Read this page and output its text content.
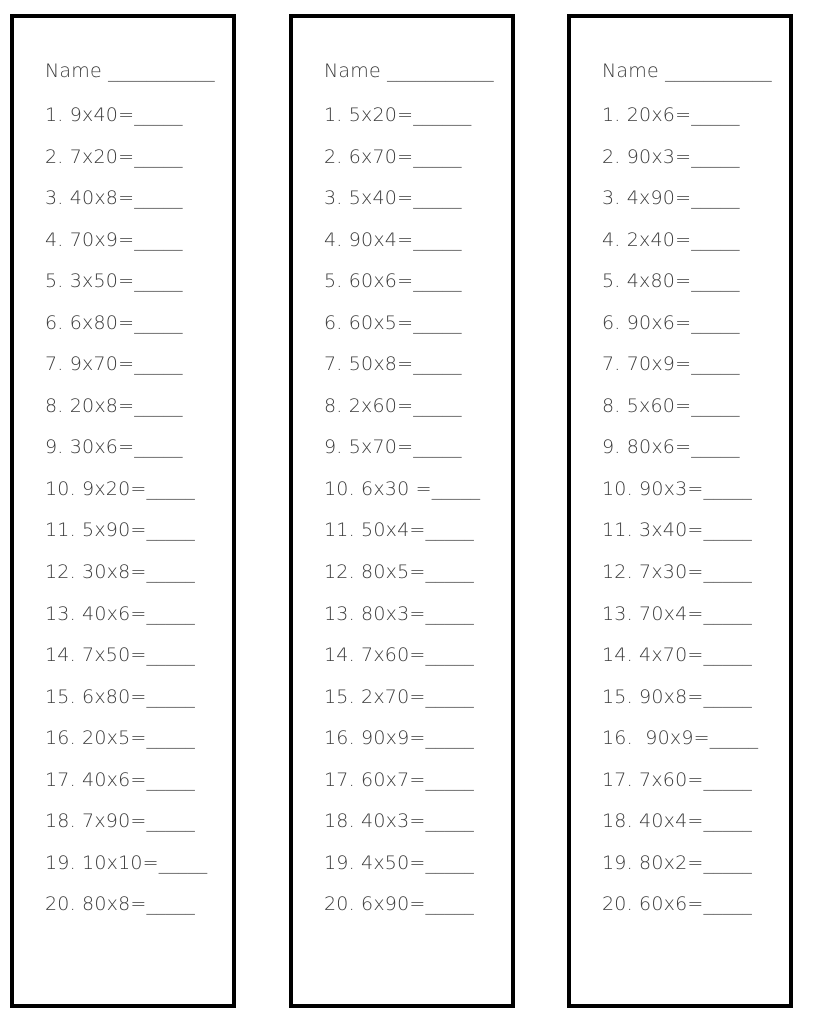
Name ___________
1. 9x40=_____
2. 7x20=_____
3. 40x8=_____
4. 70x9=_____
5. 3x50=_____
6. 6x80=_____
7. 9x70=_____
8. 20x8=_____
9. 30x6=_____
10. 9x20=_____
11. 5x90=_____
12. 30x8=_____
13. 40x6=_____
14. 7x50=_____
15. 6x80=_____
16. 20x5=_____
17. 40x6=_____
18. 7x90=_____
19. 10x10=_____
20. 80x8=_____
Name ___________
1. 5x20=______
2. 6x70=_____
3. 5x40=_____
4. 90x4=_____
5. 60x6=_____
6. 60x5=_____
7. 50x8=_____
8. 2x60=_____
9. 5x70=_____
10. 6x30 =_____
11. 50x4=_____
12. 80x5=_____
13. 80x3=_____
14. 7x60=_____
15. 2x70=_____
16. 90x9=_____
17. 60x7=_____
18. 40x3=_____
19. 4x50=_____
20. 6x90=_____
Name ___________
1. 20x6=_____
2. 90x3=_____
3. 4x90=_____
4. 2x40=_____
5. 4x80=_____
6. 90x6=_____
7. 70x9=_____
8. 5x60=_____
9. 80x6=_____
10. 90x3=_____
11. 3x40=_____
12. 7x30=_____
13. 70x4=_____
14. 4x70=_____
15. 90x8=_____
16.  90x9=_____
17. 7x60=_____
18. 40x4=_____
19. 80x2=_____
20. 60x6=_____
